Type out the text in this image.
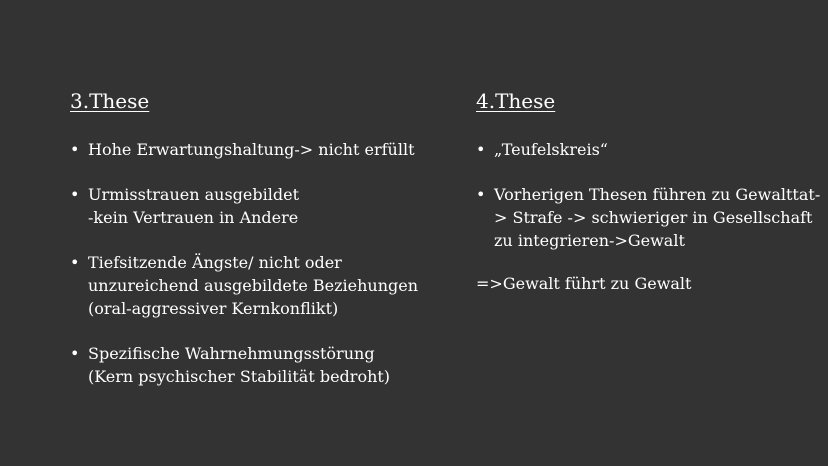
3.These
• Hohe Erwartungshaltung-> nicht erfüllt
• Urmisstrauen ausgebildet
-kein Vertrauen in Andere
• Tiefsitzende Ängste/ nicht oder
unzureichend ausgebildete Beziehungen
(oral-aggressiver Kernkonflikt)
• Spezifische Wahrnehmungsstörung
(Kern psychischer Stabilität bedroht)
4.These
• „Teufelskreis“
• Vorherigen Thesen führen zu Gewalttat-
> Strafe -> schwieriger in Gesellschaft
zu integrieren->Gewalt
=>Gewalt führt zu Gewalt
